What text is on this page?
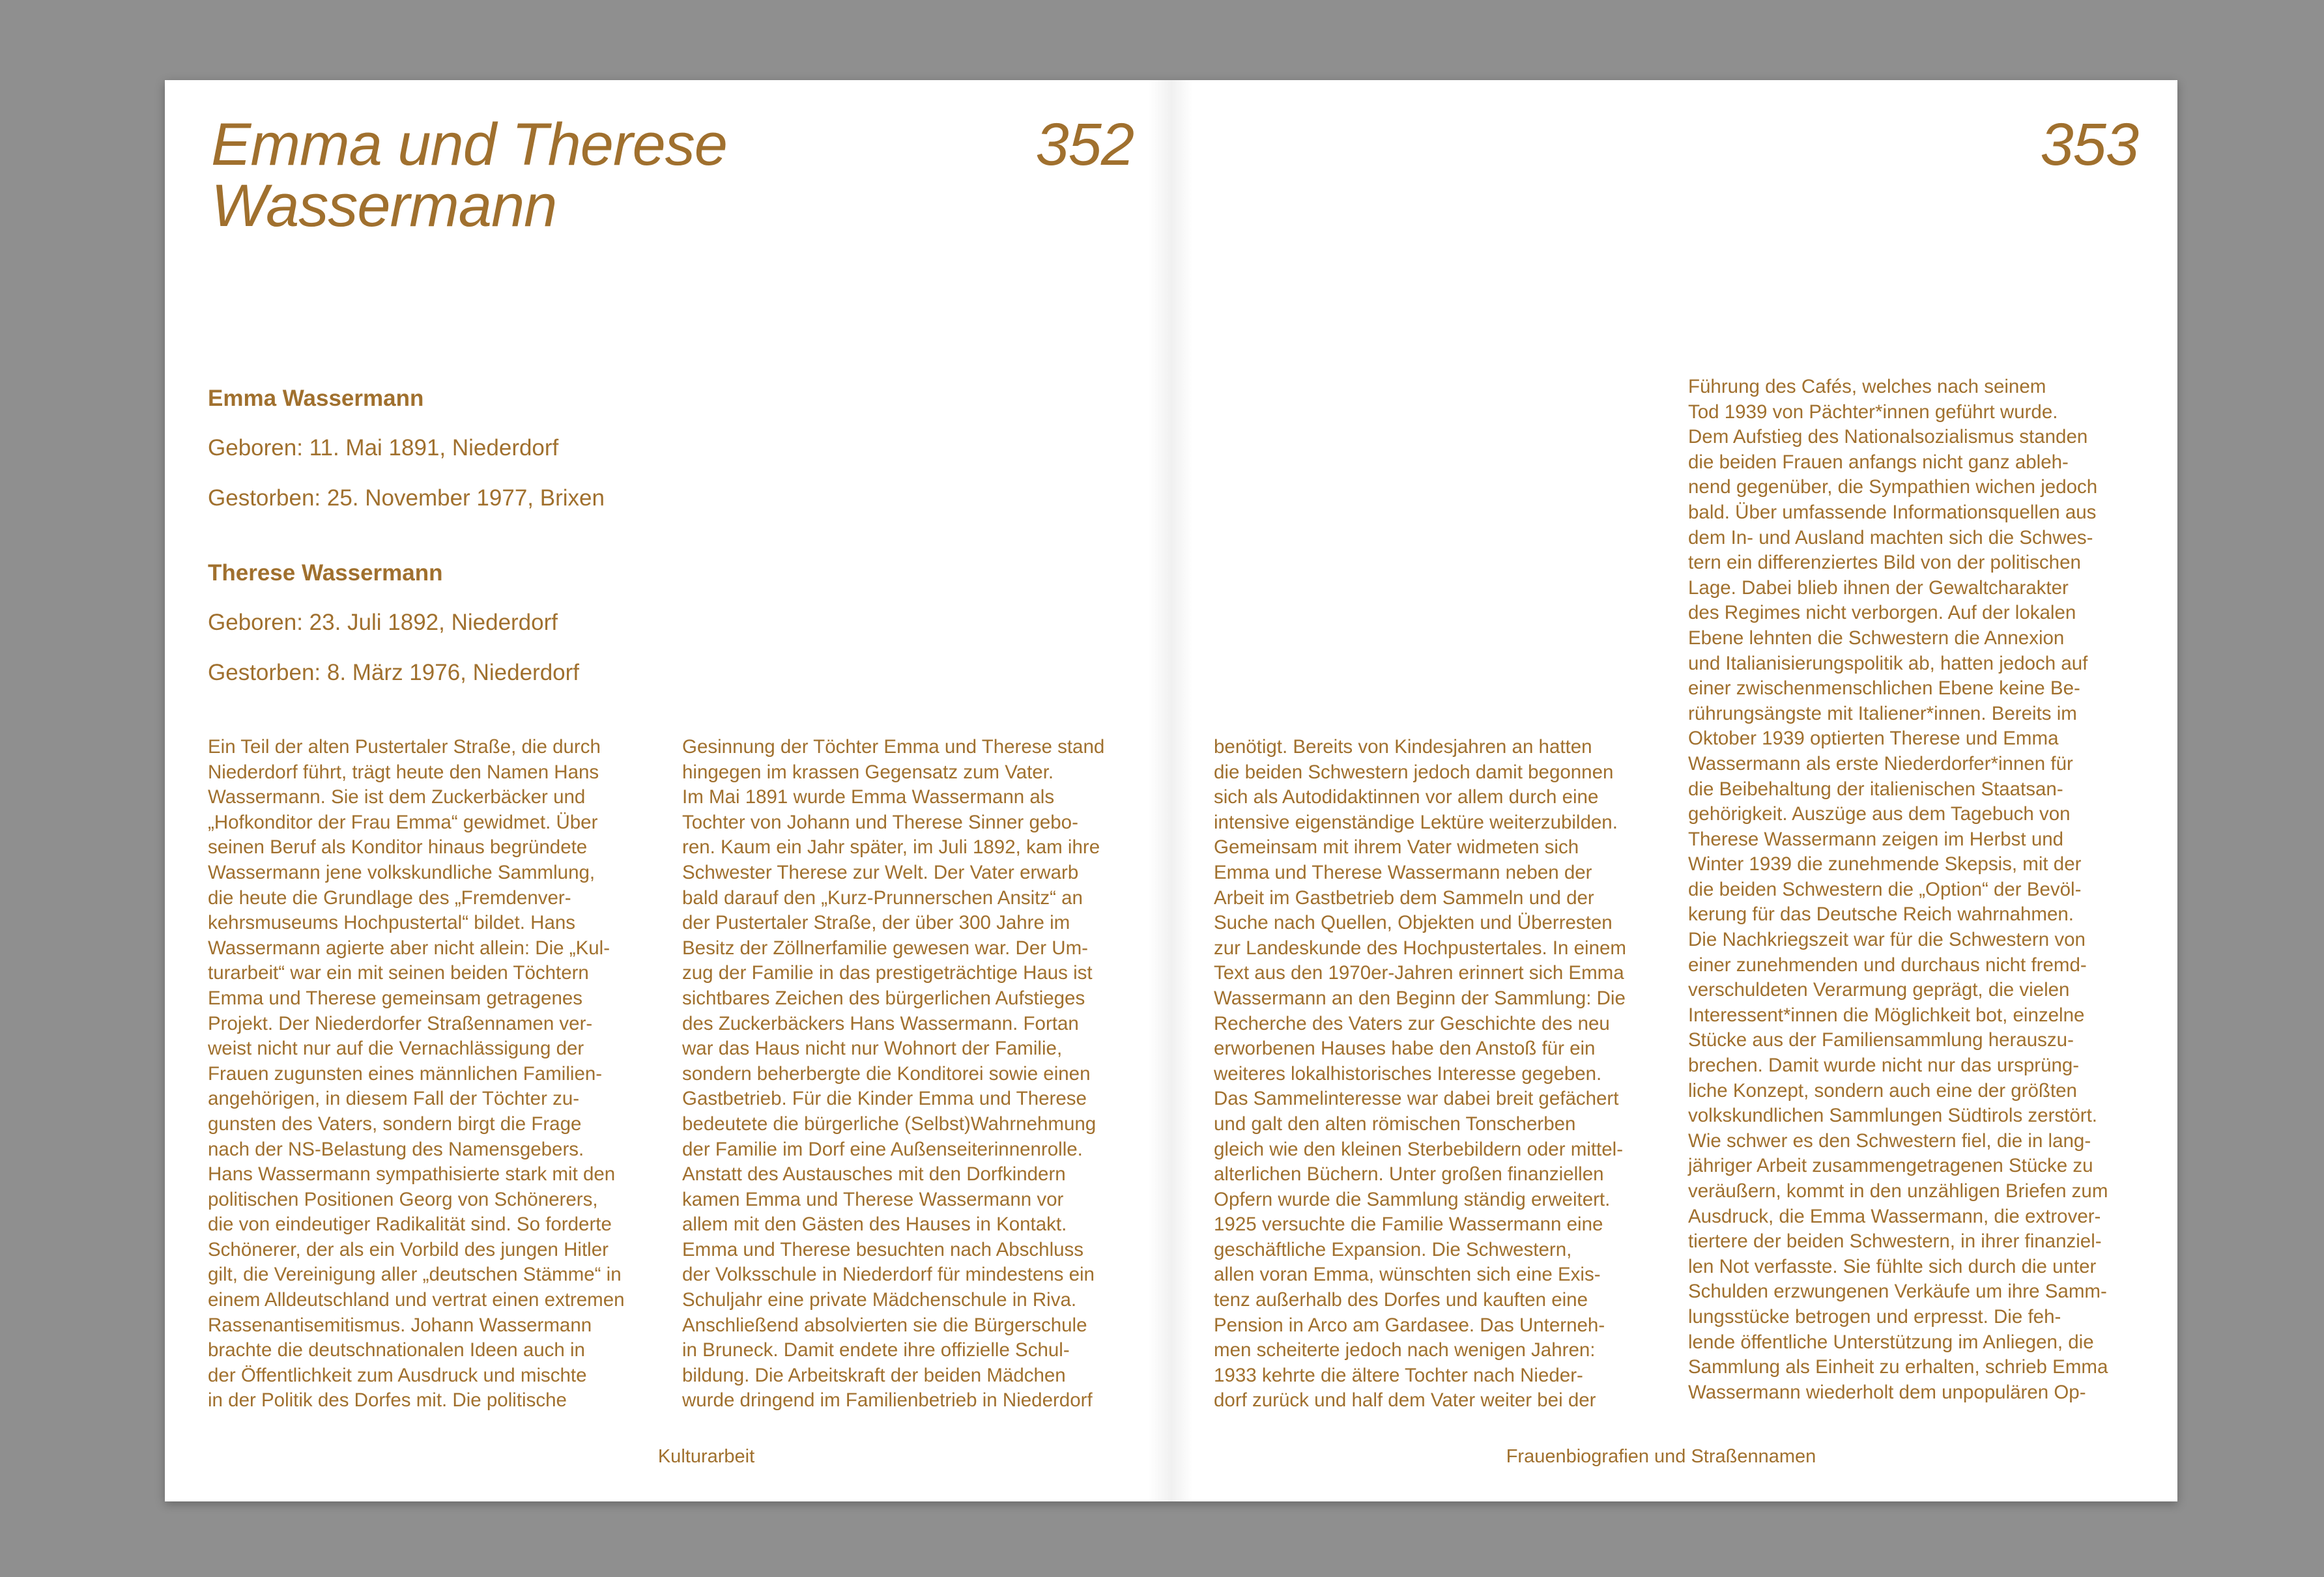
Emma und Therese
Wassermann
352

Emma Wassermann

Geboren: 11. Mai 1891, Niederdorf

Gestorben: 25. November 1977, Brixen

Therese Wassermann

Geboren: 23. Juli 1892, Niederdorf

Gestorben: 8. März 1976, Niederdorf

Ein Teil der alten Pustertaler Straße, die durch
Niederdorf führt, trägt heute den Namen Hans
Wassermann. Sie ist dem Zuckerbäcker und
„Hofkonditor der Frau Emma“ gewidmet. Über
seinen Beruf als Konditor hinaus begründete
Wassermann jene volkskundliche Sammlung,
die heute die Grundlage des „Fremdenver-
kehrsmuseums Hochpustertal“ bildet. Hans
Wassermann agierte aber nicht allein: Die „Kul-
turarbeit“ war ein mit seinen beiden Töchtern
Emma und Therese gemeinsam getragenes
Projekt. Der Niederdorfer Straßennamen ver-
weist nicht nur auf die Vernachlässigung der
Frauen zugunsten eines männlichen Familien-
angehörigen, in diesem Fall der Töchter zu-
gunsten des Vaters, sondern birgt die Frage
nach der NS-Belastung des Namensgebers.
Hans Wassermann sympathisierte stark mit den
politischen Positionen Georg von Schönerers,
die von eindeutiger Radikalität sind. So forderte
Schönerer, der als ein Vorbild des jungen Hitler
gilt, die Vereinigung aller „deutschen Stämme“ in
einem Alldeutschland und vertrat einen extremen
Rassenantisemitismus. Johann Wassermann
brachte die deutschnationalen Ideen auch in
der Öffentlichkeit zum Ausdruck und mischte
in der Politik des Dorfes mit. Die politische
Gesinnung der Töchter Emma und Therese stand
hingegen im krassen Gegensatz zum Vater.
Im Mai 1891 wurde Emma Wassermann als
Tochter von Johann und Therese Sinner gebo-
ren. Kaum ein Jahr später, im Juli 1892, kam ihre
Schwester Therese zur Welt. Der Vater erwarb
bald darauf den „Kurz-Prunnerschen Ansitz“ an
der Pustertaler Straße, der über 300 Jahre im
Besitz der Zöllnerfamilie gewesen war. Der Um-
zug der Familie in das prestigeträchtige Haus ist
sichtbares Zeichen des bürgerlichen Aufstieges
des Zuckerbäckers Hans Wassermann. Fortan
war das Haus nicht nur Wohnort der Familie,
sondern beherbergte die Konditorei sowie einen
Gastbetrieb. Für die Kinder Emma und Therese
bedeutete die bürgerliche (Selbst)Wahrnehmung
der Familie im Dorf eine Außenseiterinnenrolle.
Anstatt des Austausches mit den Dorfkindern
kamen Emma und Therese Wassermann vor
allem mit den Gästen des Hauses in Kontakt.
Emma und Therese besuchten nach Abschluss
der Volksschule in Niederdorf für mindestens ein
Schuljahr eine private Mädchenschule in Riva.
Anschließend absolvierten sie die Bürgerschule
in Bruneck. Damit endete ihre offizielle Schul-
bildung. Die Arbeitskraft der beiden Mädchen
wurde dringend im Familienbetrieb in Niederdorf
Kulturarbeit
353
benötigt. Bereits von Kindesjahren an hatten
die beiden Schwestern jedoch damit begonnen
sich als Autodidaktinnen vor allem durch eine
intensive eigenständige Lektüre weiterzubilden.
Gemeinsam mit ihrem Vater widmeten sich
Emma und Therese Wassermann neben der
Arbeit im Gastbetrieb dem Sammeln und der
Suche nach Quellen, Objekten und Überresten
zur Landeskunde des Hochpustertales. In einem
Text aus den 1970er-Jahren erinnert sich Emma
Wassermann an den Beginn der Sammlung: Die
Recherche des Vaters zur Geschichte des neu
erworbenen Hauses habe den Anstoß für ein
weiteres lokalhistorisches Interesse gegeben.
Das Sammelinteresse war dabei breit gefächert
und galt den alten römischen Tonscherben
gleich wie den kleinen Sterbebildern oder mittel-
alterlichen Büchern. Unter großen finanziellen
Opfern wurde die Sammlung ständig erweitert.
1925 versuchte die Familie Wassermann eine
geschäftliche Expansion. Die Schwestern,
allen voran Emma, wünschten sich eine Exis-
tenz außerhalb des Dorfes und kauften eine
Pension in Arco am Gardasee. Das Unterneh-
men scheiterte jedoch nach wenigen Jahren:
1933 kehrte die ältere Tochter nach Nieder-
dorf zurück und half dem Vater weiter bei der
Führung des Cafés, welches nach seinem
Tod 1939 von Pächter*innen geführt wurde.
Dem Aufstieg des Nationalsozialismus standen
die beiden Frauen anfangs nicht ganz ableh-
nend gegenüber, die Sympathien wichen jedoch
bald. Über umfassende Informationsquellen aus
dem In- und Ausland machten sich die Schwes-
tern ein differenziertes Bild von der politischen
Lage. Dabei blieb ihnen der Gewaltcharakter
des Regimes nicht verborgen. Auf der lokalen
Ebene lehnten die Schwestern die Annexion
und Italianisierungspolitik ab, hatten jedoch auf
einer zwischenmenschlichen Ebene keine Be-
rührungsängste mit Italiener*innen. Bereits im
Oktober 1939 optierten Therese und Emma
Wassermann als erste Niederdorfer*innen für
die Beibehaltung der italienischen Staatsan-
gehörigkeit. Auszüge aus dem Tagebuch von
Therese Wassermann zeigen im Herbst und
Winter 1939 die zunehmende Skepsis, mit der
die beiden Schwestern die „Option“ der Bevöl-
kerung für das Deutsche Reich wahrnahmen.
Die Nachkriegszeit war für die Schwestern von
einer zunehmenden und durchaus nicht fremd-
verschuldeten Verarmung geprägt, die vielen
Interessent*innen die Möglichkeit bot, einzelne
Stücke aus der Familiensammlung herauszu-
brechen. Damit wurde nicht nur das ursprüng-
liche Konzept, sondern auch eine der größten
volkskundlichen Sammlungen Südtirols zerstört.
Wie schwer es den Schwestern fiel, die in lang-
jähriger Arbeit zusammengetragenen Stücke zu
veräußern, kommt in den unzähligen Briefen zum
Ausdruck, die Emma Wassermann, die extrover-
tiertere der beiden Schwestern, in ihrer finanziel-
len Not verfasste. Sie fühlte sich durch die unter
Schulden erzwungenen Verkäufe um ihre Samm-
lungsstücke betrogen und erpresst. Die feh-
lende öffentliche Unterstützung im Anliegen, die
Sammlung als Einheit zu erhalten, schrieb Emma
Wassermann wiederholt dem unpopulären Op-
Frauenbiografien und Straßennamen
